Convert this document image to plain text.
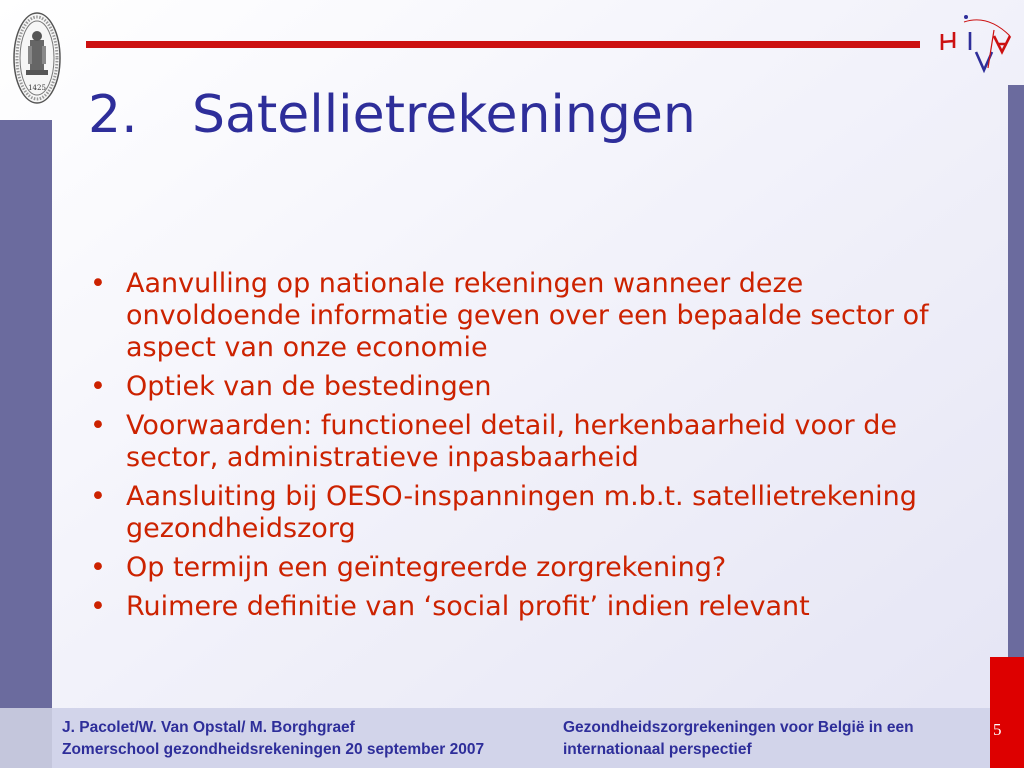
1425 2. Satellietrekeningen
• Aanvulling op nationale rekeningen wanneer deze onvoldoende informatie geven over een bepaalde sector of aspect van onze economie
• Optiek van de bestedingen
• Voorwaarden: functioneel detail, herkenbaarheid voor de sector, administratieve inpasbaarheid
• Aansluiting bij OESO-inspanningen m.b.t. satellietrekening gezondheidszorg
• Op termijn een geïntegreerde zorgrekening?
• Ruimere definitie van ‘social profit’ indien relevant
J. Pacolet/W. Van Opstal/ M. Borghgraef
Zomerschool gezondheidsrekeningen 20 september 2007
Gezondheidszorgrekeningen voor België in een
internationaal perspectief
5
